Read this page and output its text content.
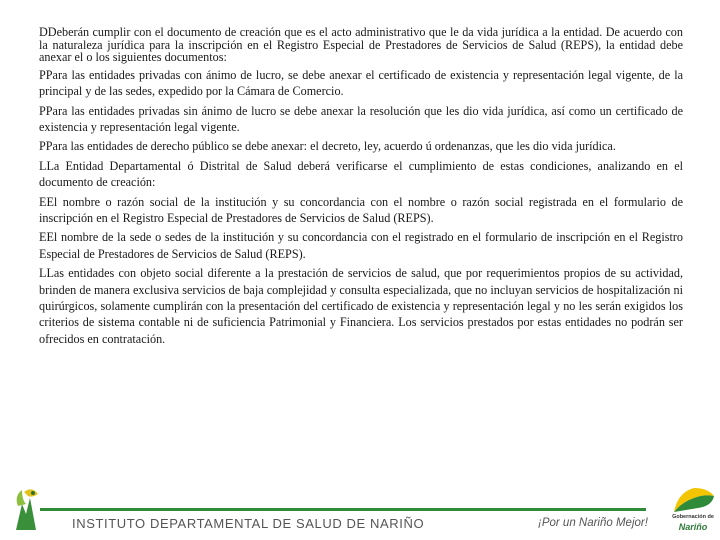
DDeberán cumplir con el documento de creación que es el acto administrativo que le da vida jurídica a la entidad. De acuerdo con la naturaleza jurídica para la inscripción en el Registro Especial de Prestadores de Servicios de Salud (REPS), la entidad debe anexar el o los siguientes documentos:

PPara las entidades privadas con ánimo de lucro, se debe anexar el certificado de existencia y representación legal vigente, de la principal y de las sedes, expedido por la Cámara de Comercio.

PPara las entidades privadas sin ánimo de lucro se debe anexar la resolución que les dio vida jurídica, así como un certificado de existencia y representación legal vigente.

PPara las entidades de derecho público se debe anexar: el decreto, ley, acuerdo ú ordenanzas, que les dio vida jurídica.

LLa Entidad Departamental ó Distrital de Salud deberá verificarse el cumplimiento de estas condiciones, analizando en el documento de creación:

EEl nombre o razón social de la institución y su concordancia con el nombre o razón social registrada en el formulario de inscripción en el Registro Especial de Prestadores de Servicios de Salud (REPS).

EEl nombre de la sede o sedes de la institución y su concordancia con el registrado en el formulario de inscripción en el Registro Especial de Prestadores de Servicios de Salud (REPS).

LLas entidades con objeto social diferente a la prestación de servicios de salud, que por requerimientos propios de su actividad, brinden de manera exclusiva servicios de baja complejidad y consulta especializada, que no incluyan servicios de hospitalización ni quirúrgicos, solamente cumplirán con la presentación del certificado de existencia y representación legal y no les serán exigidos los criterios de sistema contable ni de suficiencia Patrimonial y Financiera. Los servicios prestados por estas entidades no podrán ser ofrecidos en contratación.

INSTITUTO DEPARTAMENTAL DE SALUD DE NARIÑO	¡Por un Nariño Mejor!	Gobernación de
Nariño
